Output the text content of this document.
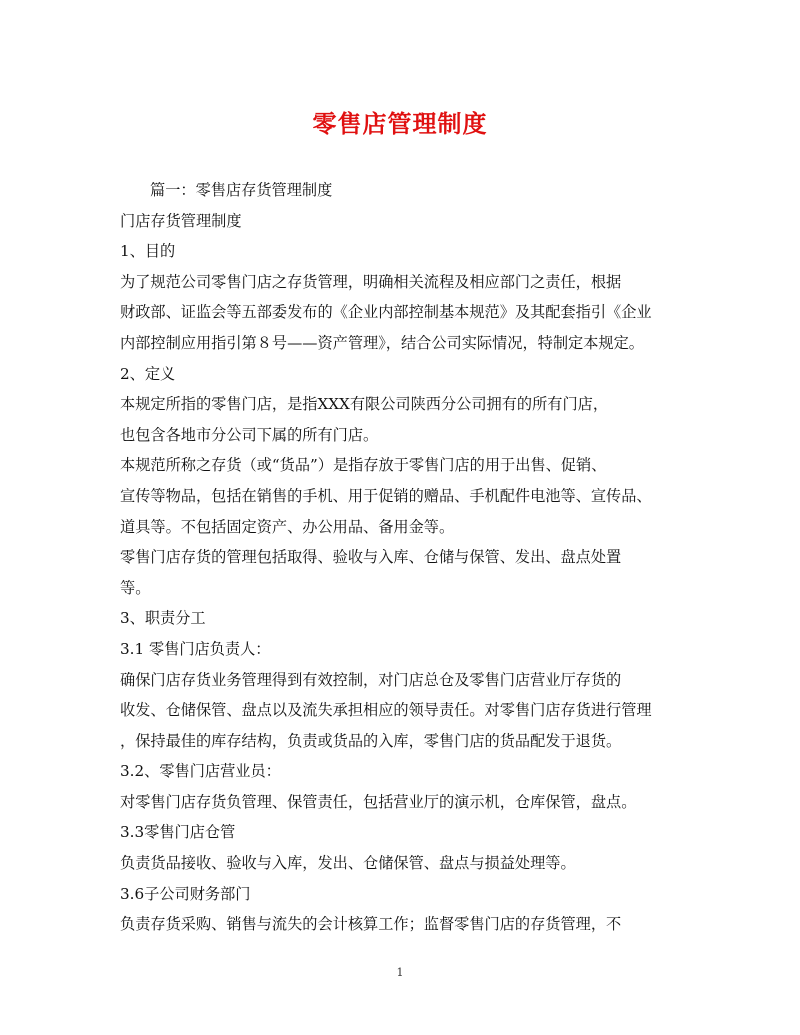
零售店管理制度
篇一：零售店存货管理制度
门店存货管理制度
1、目的
为了规范公司零售门店之存货管理，明确相关流程及相应部门之责任，根据
财政部、证监会等五部委发布的《企业内部控制基本规范》及其配套指引《企业
内部控制应用指引第８号——资产管理》，结合公司实际情况，特制定本规定。
2、定义
本规定所指的零售门店，是指XXX有限公司陕西分公司拥有的所有门店，
也包含各地市分公司下属的所有门店。
本规范所称之存货（或“货品”）是指存放于零售门店的用于出售、促销、
宣传等物品，包括在销售的手机、用于促销的赠品、手机配件电池等、宣传品、
道具等。不包括固定资产、办公用品、备用金等。
零售门店存货的管理包括取得、验收与入库、仓储与保管、发出、盘点处置
等。
3、职责分工
3.1 零售门店负责人：
确保门店存货业务管理得到有效控制，对门店总仓及零售门店营业厅存货的
收发、仓储保管、盘点以及流失承担相应的领导责任。对零售门店存货进行管理
，保持最佳的库存结构，负责或货品的入库，零售门店的货品配发于退货。
3.2、零售门店营业员：
对零售门店存货负管理、保管责任，包括营业厅的演示机，仓库保管，盘点。
3.3零售门店仓管
负责货品接收、验收与入库，发出、仓储保管、盘点与损益处理等。
3.6子公司财务部门
负责存货采购、销售与流失的会计核算工作；监督零售门店的存货管理，不
1
